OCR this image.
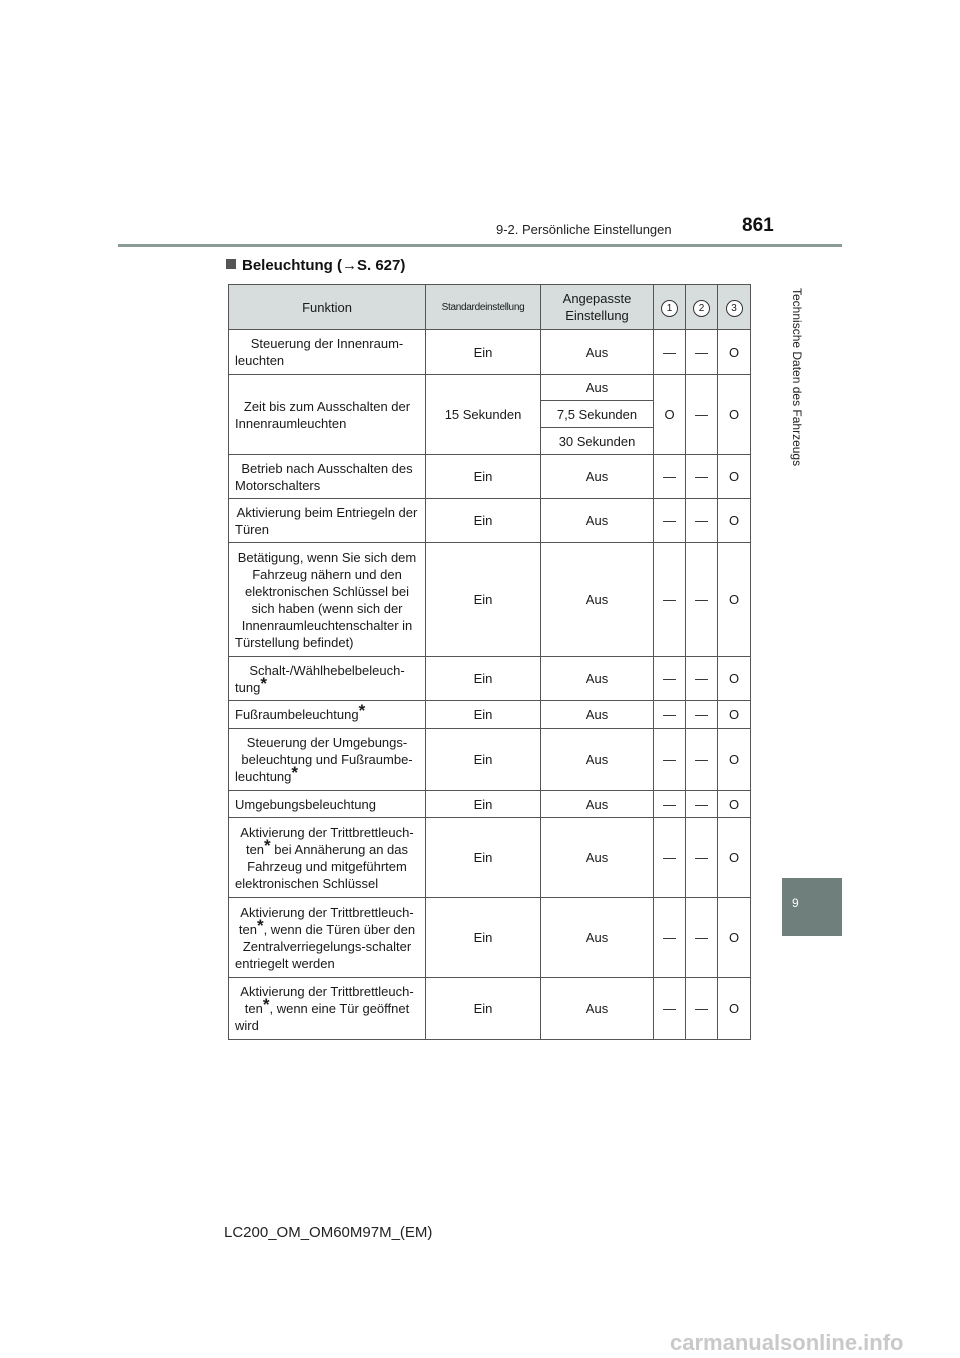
9-2. Persönliche Einstellungen	861
Beleuchtung (→S. 627)
Technische Daten des Fahrzeugs
9
Funktion	Standardeinstellung	Angepasste Einstellung	1	2	3
Steuerung der Innenraum-leuchten	Ein	Aus	—	—	O
Zeit bis zum Ausschalten der Innenraumleuchten	15 Sekunden	Aus	O	—	O
		7,5 Sekunden			
		30 Sekunden			
Betrieb nach Ausschalten des Motorschalters	Ein	Aus	—	—	O
Aktivierung beim Entriegeln der Türen	Ein	Aus	—	—	O
Betätigung, wenn Sie sich dem Fahrzeug nähern und den elektronischen Schlüssel bei sich haben (wenn sich der Innenraumleuchtenschalter in Türstellung befindet)	Ein	Aus	—	—	O
Schalt-/Wählhebelbeleuch-tung*	Ein	Aus	—	—	O
Fußraumbeleuchtung*	Ein	Aus	—	—	O
Steuerung der Umgebungs-beleuchtung und Fußraumbe-leuchtung*	Ein	Aus	—	—	O
Umgebungsbeleuchtung	Ein	Aus	—	—	O
Aktivierung der Trittbrettleuch-ten* bei Annäherung an das Fahrzeug und mitgeführtem elektronischen Schlüssel	Ein	Aus	—	—	O
Aktivierung der Trittbrettleuch-ten*, wenn die Türen über den Zentralverriegelungs-schalter entriegelt werden	Ein	Aus	—	—	O
Aktivierung der Trittbrettleuch-ten*, wenn eine Tür geöffnet wird	Ein	Aus	—	—	O
LC200_OM_OM60M97M_(EM)
carmanualsonline.info
